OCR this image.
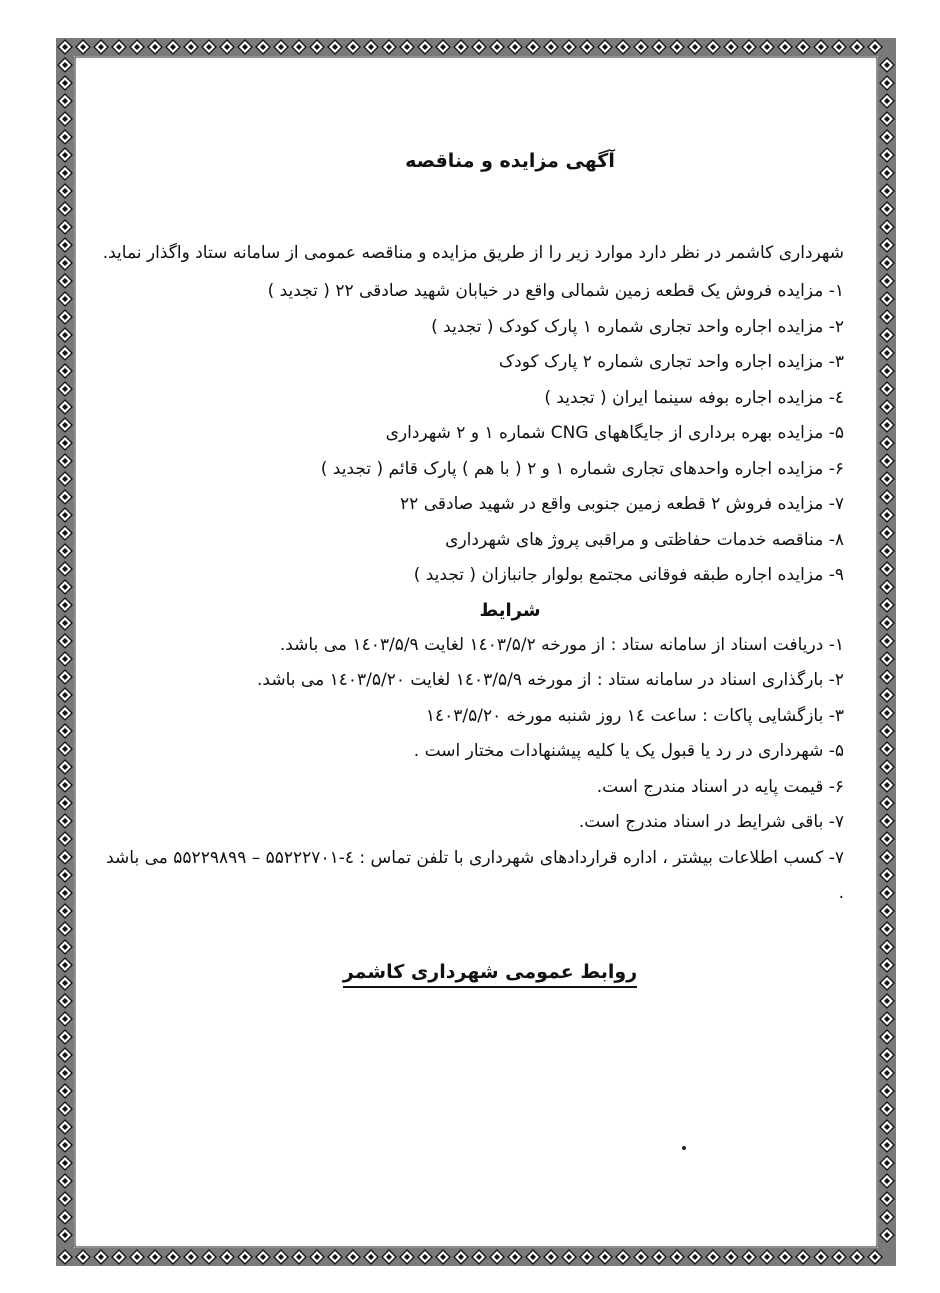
آگهی مزایده و مناقصه

شهرداری کاشمر در نظر دارد موارد زیر را از طریق مزایده و مناقصه عمومی از سامانه ستاد واگذار نماید.

۱- مزایده فروش یک قطعه زمین شمالی واقع در خیابان شهید صادقی ۲۲ ( تجدید )

۲- مزایده اجاره واحد تجاری شماره ۱ پارک کودک ( تجدید )

۳- مزایده اجاره واحد تجاری شماره ۲ پارک کودک

٤- مزایده اجاره بوفه سینما ایران ( تجدید )

۵- مزایده بهره برداری از جایگاههای CNG شماره ۱ و ۲ شهرداری

۶- مزایده اجاره واحدهای تجاری شماره ۱ و ۲ ( با هم ) پارک قائم ( تجدید )

۷- مزایده فروش ۲ قطعه زمین جنوبی واقع در شهید صادقی ۲۲

۸- مناقصه خدمات حفاظتی و مراقبی پروژ های شهرداری

۹- مزایده اجاره طبقه فوقانی مجتمع بولوار جانبازان ( تجدید )

شرایط

۱- دریافت اسناد از سامانه ستاد : از مورخه ۱٤۰۳/۵/۲ لغایت ۱٤۰۳/۵/۹ می باشد.

۲- بارگذاری اسناد در سامانه ستاد : از مورخه ۱٤۰۳/۵/۹ لغایت ۱٤۰۳/۵/۲۰ می باشد.

۳- بازگشایی پاکات : ساعت ۱٤ روز شنبه مورخه ۱٤۰۳/۵/۲۰

۵- شهرداری در رد یا قبول یک یا کلیه پیشنهادات مختار است .

۶- قیمت پایه در اسناد مندرج است.

۷- باقی شرایط در اسناد مندرج است.

۷- کسب اطلاعات بیشتر ، اداره قراردادهای شهرداری با تلفن تماس : ٤-۵۵۲۲۲۷۰۱ – ۵۵۲۲۹۸۹۹ می باشد .

روابط عمومی شهرداری کاشمر
